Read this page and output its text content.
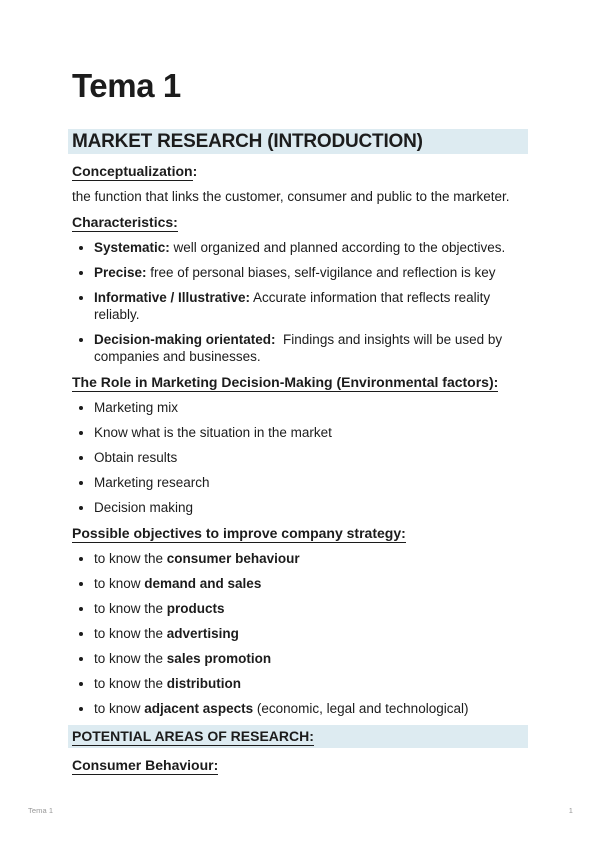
Tema 1
MARKET RESEARCH (INTRODUCTION)
Conceptualization:

the function that links the customer, consumer and public to the marketer.

Characteristics:
• Systematic: well organized and planned according to the objectives.
• Precise: free of personal biases, self-vigilance and reflection is key
• Informative / Illustrative: Accurate information that reflects reality reliably.
• Decision-making orientated:  Findings and insights will be used by companies and businesses.
The Role in Marketing Decision-Making (Environmental factors):
• Marketing mix
• Know what is the situation in the market
• Obtain results
• Marketing research
• Decision making
Possible objectives to improve company strategy:
• to know the consumer behaviour
• to know demand and sales
• to know the products
• to know the advertising
• to know the sales promotion
• to know the distribution
• to know adjacent aspects (economic, legal and technological)
POTENTIAL AREAS OF RESEARCH:
Consumer Behaviour:
Tema 1	1
